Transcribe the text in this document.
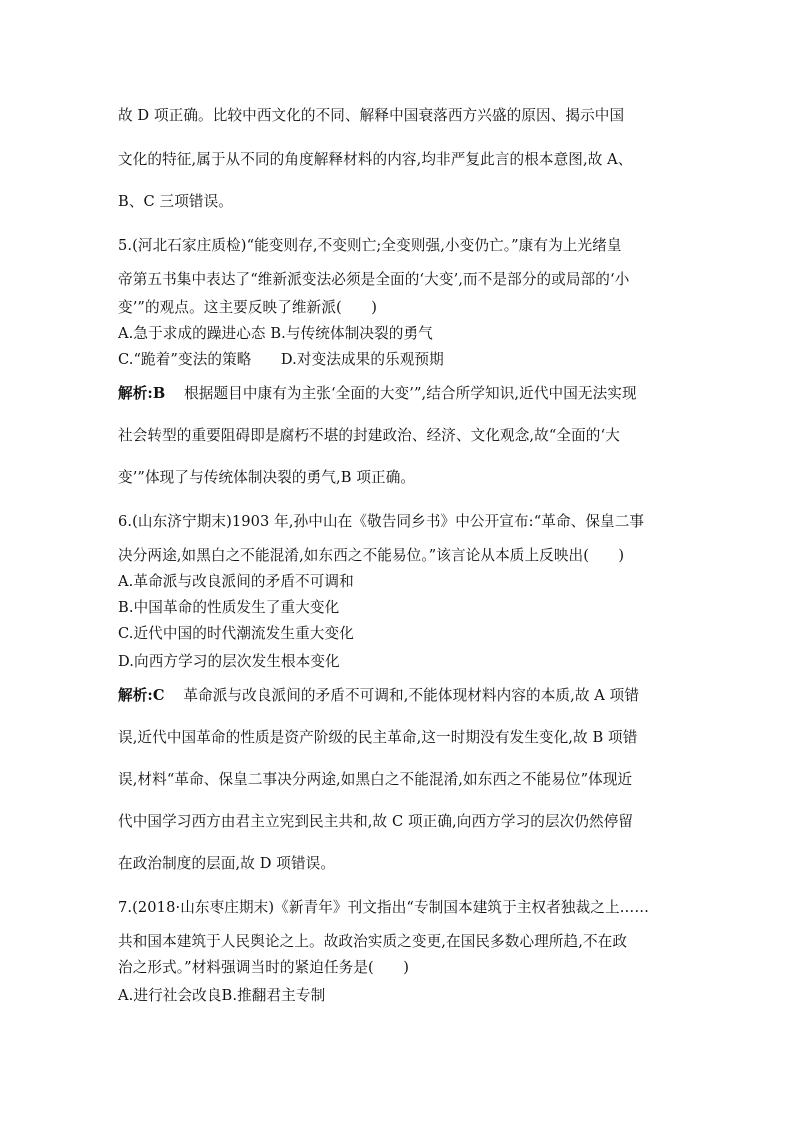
故 D 项正确。比较中西文化的不同、解释中国衰落西方兴盛的原因、揭示中国
文化的特征,属于从不同的角度解释材料的内容,均非严复此言的根本意图,故 A、
B、C 三项错误。
5.(河北石家庄质检)“能变则存,不变则亡;全变则强,小变仍亡。”康有为上光绪皇
帝第五书集中表达了“维新派变法必须是全面的‘大变’,而不是部分的或局部的‘小
变’”的观点。这主要反映了维新派(　　)
A.急于求成的躁进心态 B.与传统体制决裂的勇气
C.“跪着”变法的策略　　D.对变法成果的乐观预期
解析:B 根据题目中康有为主张‘全面的大变’”,结合所学知识,近代中国无法实现
社会转型的重要阻碍即是腐朽不堪的封建政治、经济、文化观念,故“全面的‘大
变’”体现了与传统体制决裂的勇气,B 项正确。
6.(山东济宁期末)1903 年,孙中山在《敬告同乡书》中公开宣布:“革命、保皇二事
决分两途,如黑白之不能混淆,如东西之不能易位。”该言论从本质上反映出(　　)
A.革命派与改良派间的矛盾不可调和
B.中国革命的性质发生了重大变化
C.近代中国的时代潮流发生重大变化
D.向西方学习的层次发生根本变化
解析:C 革命派与改良派间的矛盾不可调和,不能体现材料内容的本质,故 A 项错
误,近代中国革命的性质是资产阶级的民主革命,这一时期没有发生变化,故 B 项错
误,材料“革命、保皇二事决分两途,如黑白之不能混淆,如东西之不能易位”体现近
代中国学习西方由君主立宪到民主共和,故 C 项正确,向西方学习的层次仍然停留
在政治制度的层面,故 D 项错误。
7.(2018·山东枣庄期末)《新青年》刊文指出“专制国本建筑于主权者独裁之上……
共和国本建筑于人民舆论之上。故政治实质之变更,在国民多数心理所趋,不在政
治之形式。”材料强调当时的紧迫任务是(　　)
A.进行社会改良B.推翻君主专制
